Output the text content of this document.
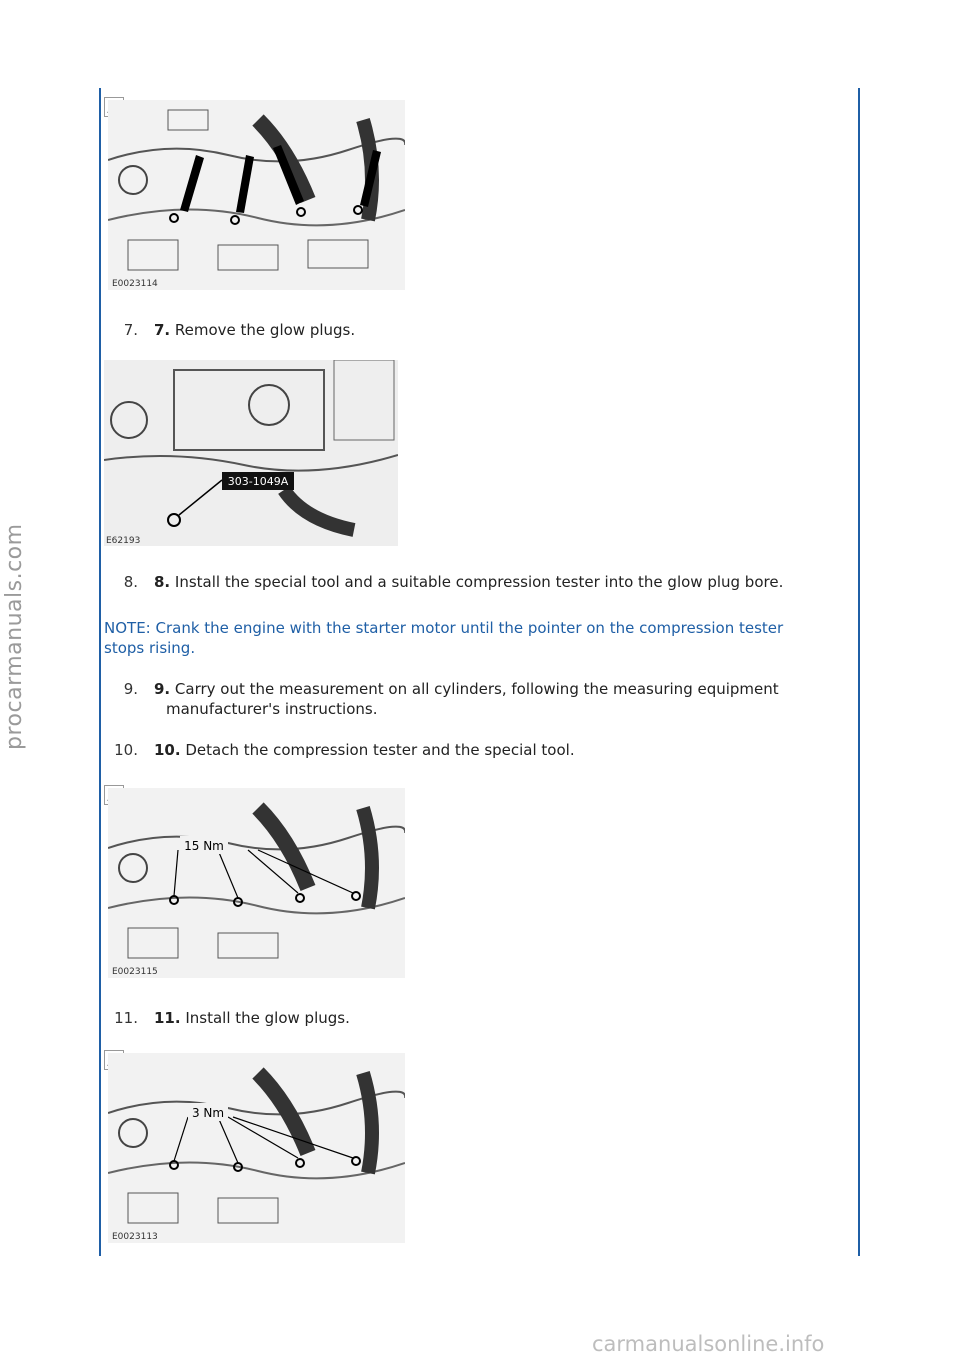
procarmanuals.com
carmanualsonline.info
E0023114
7. 7. Remove the glow plugs.
303-1049A
E62193
8. 8. Install the special tool and a suitable compression tester into the glow plug bore.
NOTE: Crank the engine with the starter motor until the pointer on the compression tester stops rising.
9. 9. Carry out the measurement on all cylinders, following the measuring equipment
manufacturer's instructions.
10. 10. Detach the compression tester and the special tool.
15 Nm
E0023115
11. 11. Install the glow plugs.
3 Nm
E0023113
